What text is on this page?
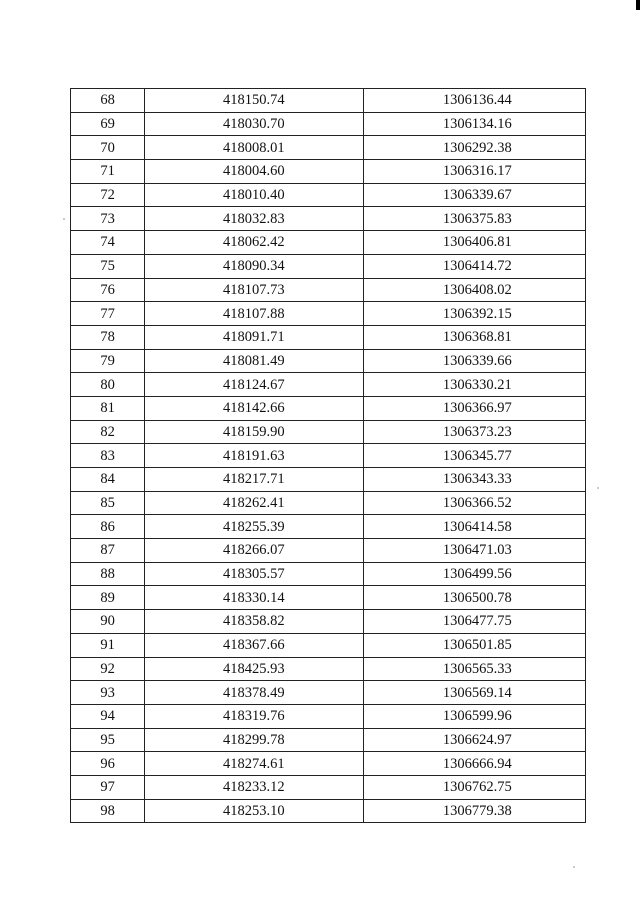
68	418150.74	1306136.44
69	418030.70	1306134.16
70	418008.01	1306292.38
71	418004.60	1306316.17
72	418010.40	1306339.67
73	418032.83	1306375.83
74	418062.42	1306406.81
75	418090.34	1306414.72
76	418107.73	1306408.02
77	418107.88	1306392.15
78	418091.71	1306368.81
79	418081.49	1306339.66
80	418124.67	1306330.21
81	418142.66	1306366.97
82	418159.90	1306373.23
83	418191.63	1306345.77
84	418217.71	1306343.33
85	418262.41	1306366.52
86	418255.39	1306414.58
87	418266.07	1306471.03
88	418305.57	1306499.56
89	418330.14	1306500.78
90	418358.82	1306477.75
91	418367.66	1306501.85
92	418425.93	1306565.33
93	418378.49	1306569.14
94	418319.76	1306599.96
95	418299.78	1306624.97
96	418274.61	1306666.94
97	418233.12	1306762.75
98	418253.10	1306779.38
